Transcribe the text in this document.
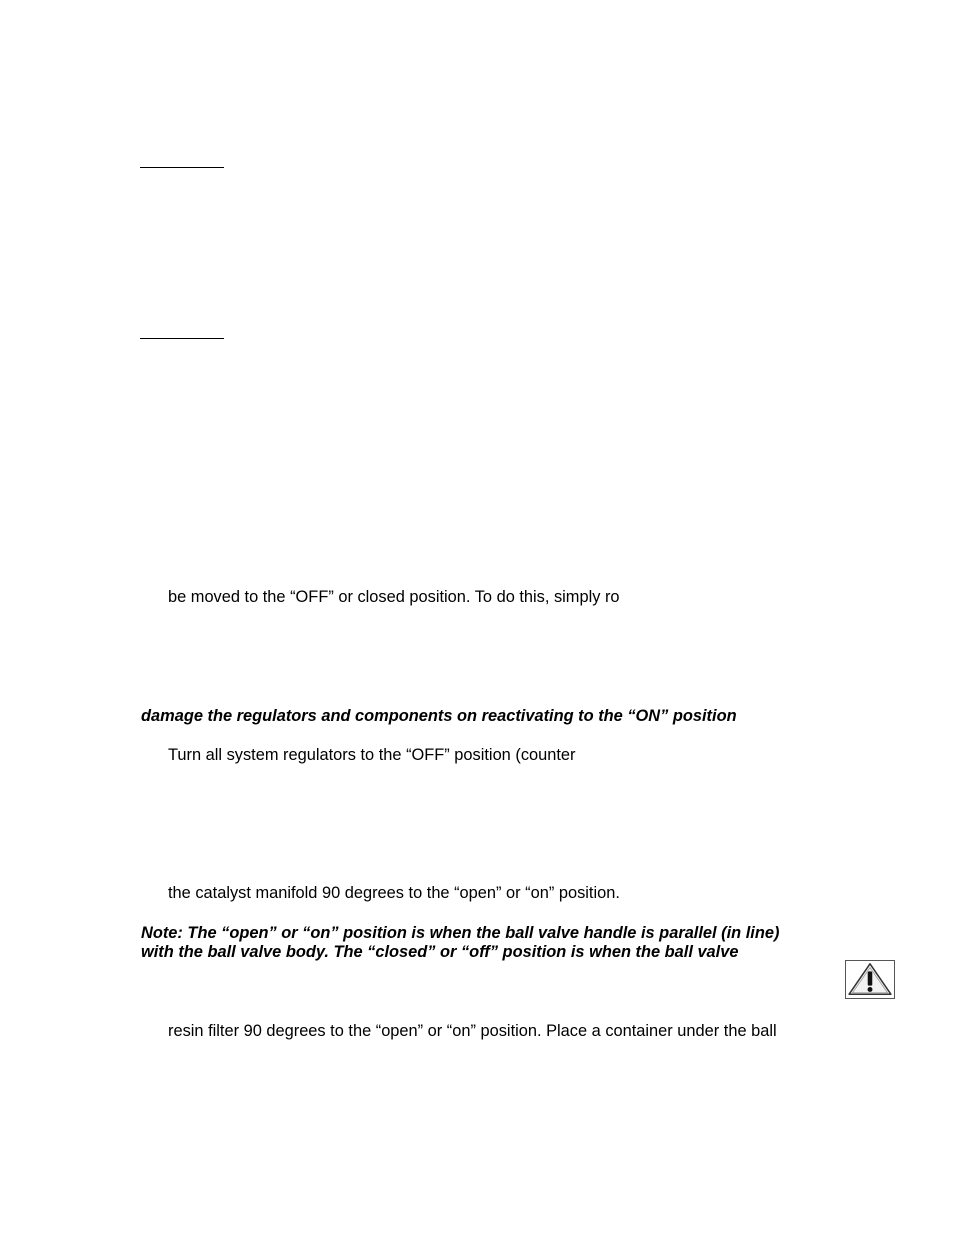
be moved to the “OFF” or closed position. To do this, simply ro
damage the regulators and components on reactivating to the “ON” position
Turn all system regulators to the “OFF” position (counter
the catalyst manifold 90 degrees to the “open” or “on” position.
Note: The “open” or “on” position is when the ball valve handle is parallel (in line)
with the ball valve body. The “closed” or “off” position is when the ball valve
resin filter 90 degrees to the “open” or “on” position. Place a container under the ball
